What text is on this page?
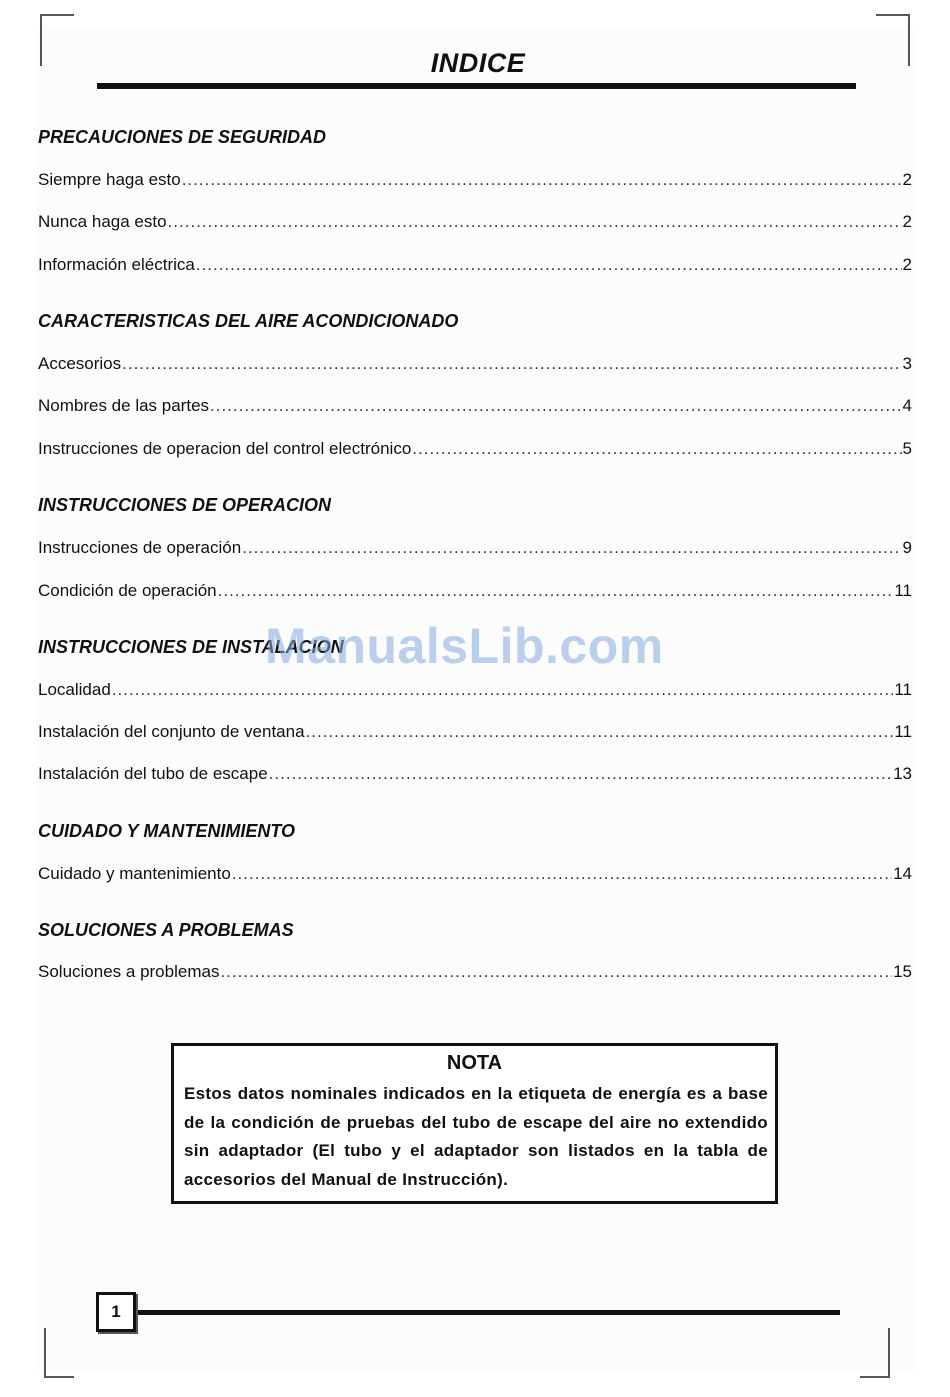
INDICE
PRECAUCIONES DE SEGURIDAD
Siempre haga esto .....	2
Nunca haga esto .....	2
Información eléctrica .....	2
CARACTERISTICAS DEL AIRE ACONDICIONADO
Accesorios .....	3
Nombres de las partes .....	4
Instrucciones de operacion del control electrónico .....	5
INSTRUCCIONES DE OPERACION
Instrucciones de operación .....	9
Condición de operación .....	11
INSTRUCCIONES DE INSTALACION
Localidad .....	11
Instalación del conjunto de ventana .....	11
Instalación del tubo de escape .....	13
CUIDADO Y MANTENIMIENTO
Cuidado y mantenimiento .....	14
SOLUCIONES A PROBLEMAS
Soluciones a problemas .....	15
ManualsLib.com
NOTA
Estos datos nominales indicados en la etiqueta de energía es a base de la condición de pruebas del tubo de escape del aire no extendido sin adaptador (El tubo y el adaptador son listados en la tabla de accesorios del Manual de Instrucción).
1
